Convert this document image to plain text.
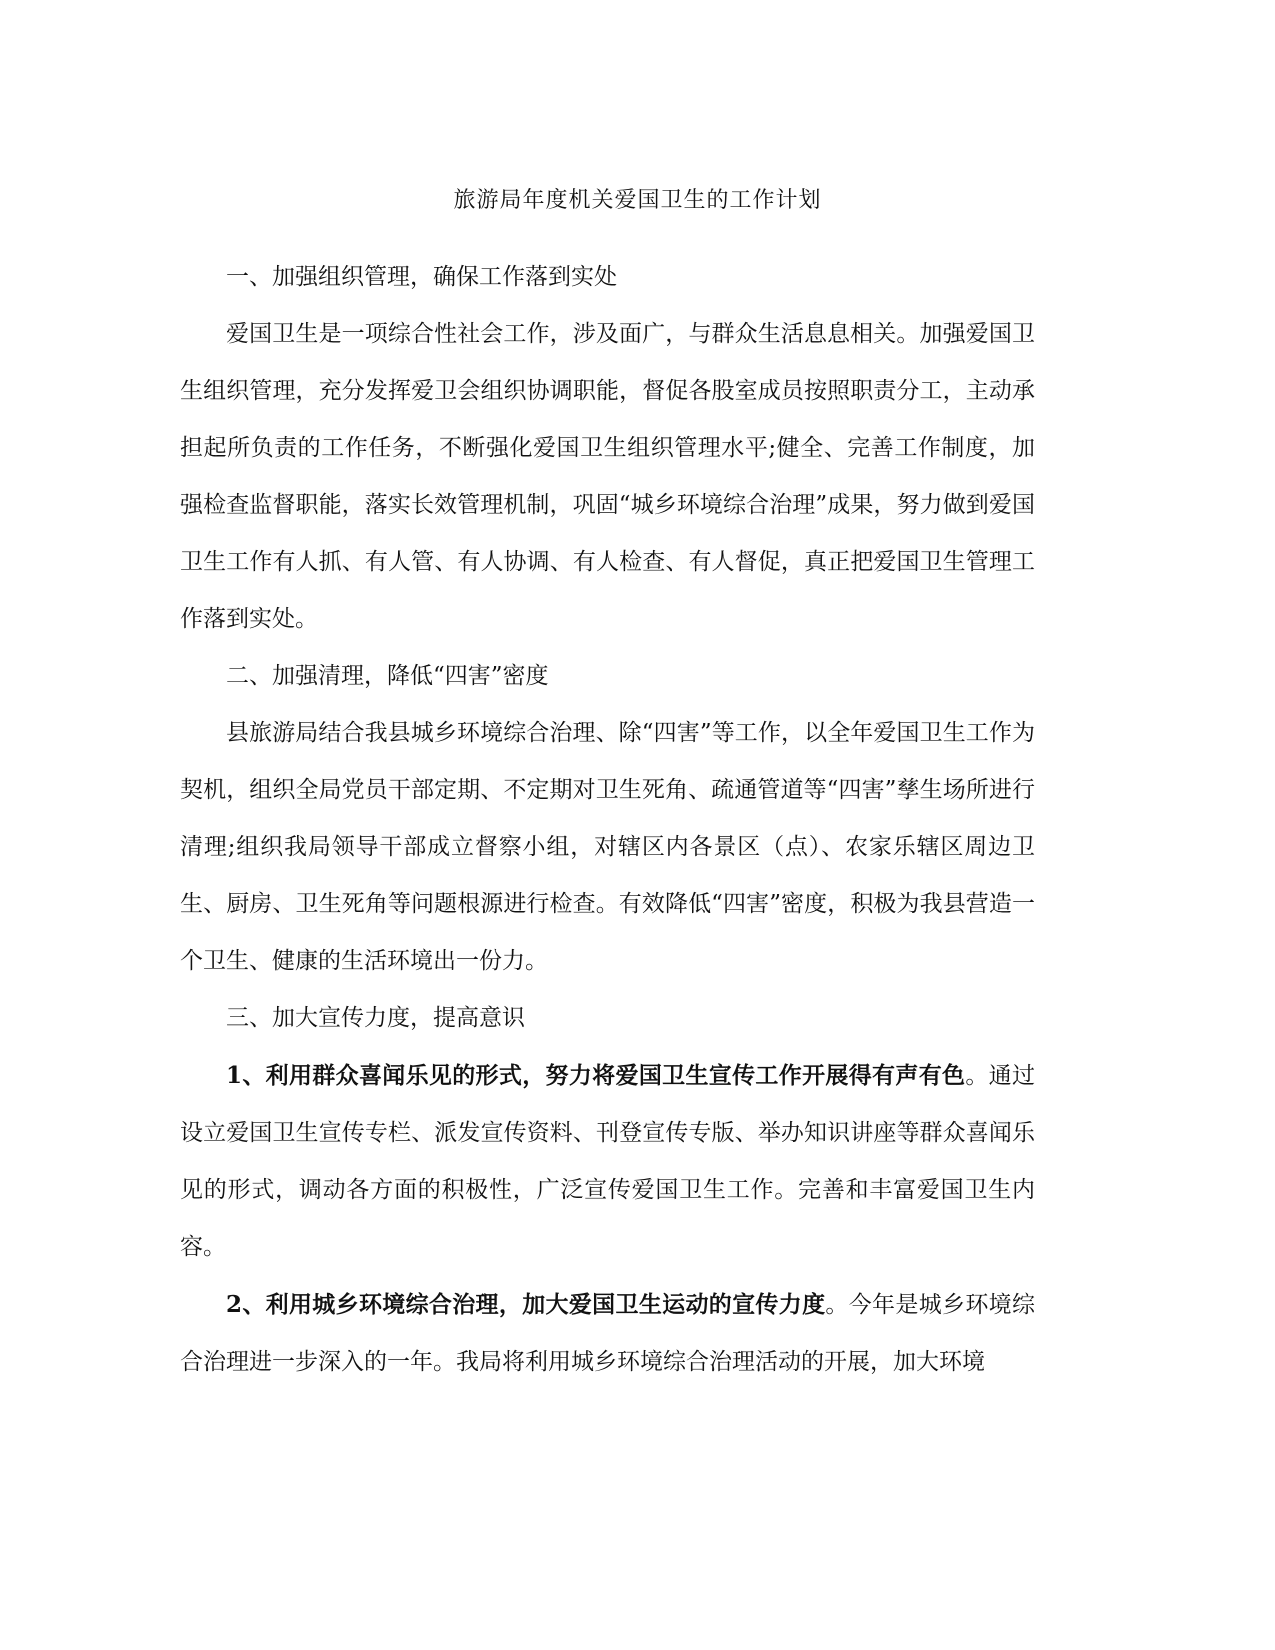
旅游局年度机关爱国卫生的工作计划

一、加强组织管理，确保工作落到实处

爱国卫生是一项综合性社会工作，涉及面广，与群众生活息息相关。加强爱国卫生组织管理，充分发挥爱卫会组织协调职能，督促各股室成员按照职责分工，主动承担起所负责的工作任务，不断强化爱国卫生组织管理水平;健全、完善工作制度，加强检查监督职能，落实长效管理机制，巩固“城乡环境综合治理”成果，努力做到爱国卫生工作有人抓、有人管、有人协调、有人检查、有人督促，真正把爱国卫生管理工作落到实处。

二、加强清理，降低“四害”密度

县旅游局结合我县城乡环境综合治理、除“四害”等工作，以全年爱国卫生工作为契机，组织全局党员干部定期、不定期对卫生死角、疏通管道等“四害”孳生场所进行清理;组织我局领导干部成立督察小组，对辖区内各景区（点）、农家乐辖区周边卫生、厨房、卫生死角等问题根源进行检查。有效降低“四害”密度，积极为我县营造一个卫生、健康的生活环境出一份力。

三、加大宣传力度，提高意识

1、利用群众喜闻乐见的形式，努力将爱国卫生宣传工作开展得有声有色。通过设立爱国卫生宣传专栏、派发宣传资料、刊登宣传专版、举办知识讲座等群众喜闻乐见的形式，调动各方面的积极性，广泛宣传爱国卫生工作。完善和丰富爱国卫生内容。

2、利用城乡环境综合治理，加大爱国卫生运动的宣传力度。今年是城乡环境综合治理进一步深入的一年。我局将利用城乡环境综合治理活动的开展，加大环境
